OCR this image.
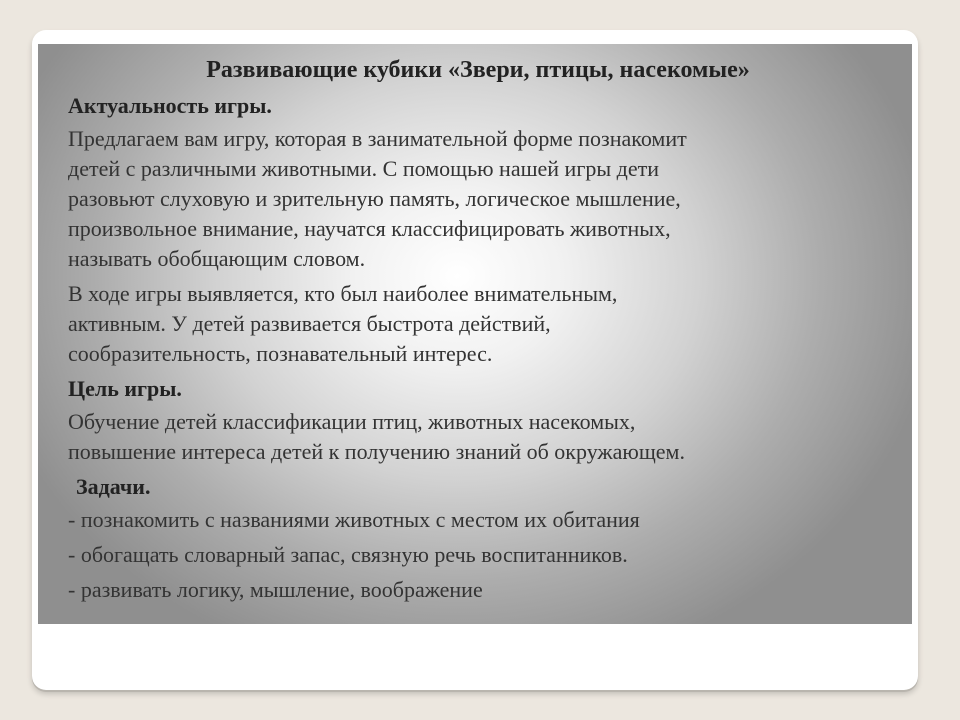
Развивающие кубики «Звери, птицы, насекомые»
Актуальность игры.
Предлагаем вам игру, которая в занимательной форме познакомит
детей с различными животными. С помощью нашей игры дети
разовьют слуховую и зрительную память, логическое мышление,
произвольное внимание, научатся классифицировать животных,
называть обобщающим словом.
В ходе игры выявляется, кто был наиболее внимательным,
активным. У детей развивается быстрота действий,
сообразительность, познавательный интерес.
Цель игры.
Обучение детей классификации птиц, животных насекомых,
повышение интереса детей к получению знаний об окружающем.
Задачи.
- познакомить с названиями животных с местом их обитания
- обогащать словарный запас, связную речь воспитанников.
- развивать логику, мышление, воображение
